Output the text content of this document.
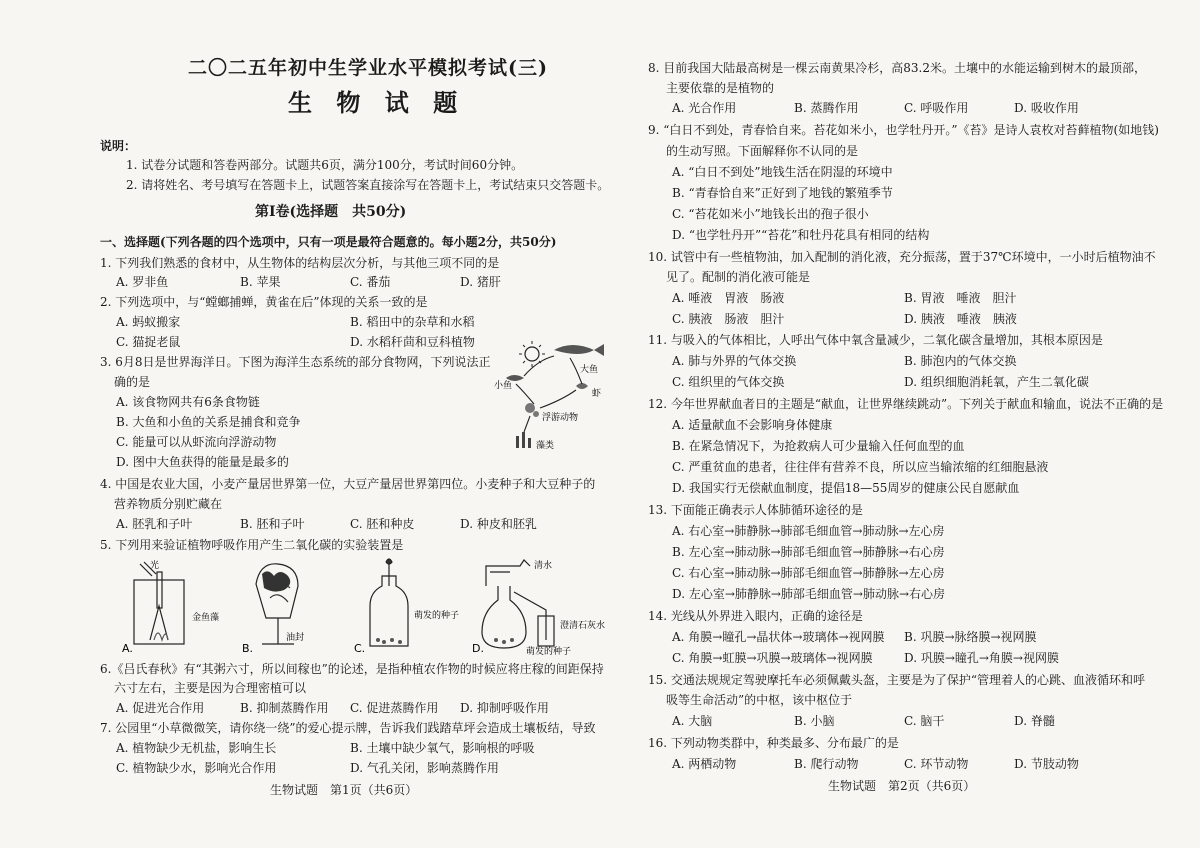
二〇二五年初中生学业水平模拟考试(三)
生 物 试 题
说明：
1. 试卷分试题和答卷两部分。试题共6页，满分100分，考试时间60分钟。
2. 请将姓名、考号填写在答题卡上，试题答案直接涂写在答题卡上，考试结束只交答题卡。
第Ⅰ卷(选择题　共50分)
一、选择题(下列各题的四个选项中，只有一项是最符合题意的。每小题2分，共50分)
1. 下列我们熟悉的食材中，从生物体的结构层次分析，与其他三项不同的是
A. 罗非鱼	B. 苹果	C. 番茄	D. 猪肝
2. 下列选项中，与“螳螂捕蝉，黄雀在后”体现的关系一致的是
A. 蚂蚁搬家	B. 稻田中的杂草和水稻
C. 猫捉老鼠	D. 水稻秆茴和豆科植物
3. 6月8日是世界海洋日。下图为海洋生态系统的部分食物网，下列说法正
确的是
A. 该食物网共有6条食物链
B. 大鱼和小鱼的关系是捕食和竞争
C. 能量可以从虾流向浮游动物
D. 图中大鱼获得的能量是最多的
小鱼
大鱼
虾
浮游动物
藻类
4. 中国是农业大国，小麦产量居世界第一位，大豆产量居世界第四位。小麦种子和大豆种子的
营养物质分别贮藏在
A. 胚乳和子叶	B. 胚和子叶	C. 胚和种皮	D. 种皮和胚乳
5. 下列用来验证植物呼吸作用产生二氧化碳的实验装置是
光
金鱼藻
A.
油封
B.
萌发的种子
C.
清水
澄清石灰水
萌发的种子
D.
6.《吕氏春秋》有“其粥六寸，所以间稼也”的论述，是指种植农作物的时候应将庄稼的间距保持
六寸左右，主要是因为合理密植可以
A. 促进光合作用	B. 抑制蒸腾作用 C. 促进蒸腾作用 D. 抑制呼吸作用
7. 公园里“小草微微笑，请你绕一绕”的爱心提示牌，告诉我们践踏草坪会造成土壤板结，导致
A. 植物缺少无机盐，影响生长	B. 土壤中缺少氧气，影响根的呼吸
C. 植物缺少水，影响光合作用	D. 气孔关闭，影响蒸腾作用
生物试题　第1页（共6页）
8. 目前我国大陆最高树是一棵云南黄果冷杉，高83.2米。土壤中的水能运输到树木的最顶部，
主要依靠的是植物的
A. 光合作用	B. 蒸腾作用	C. 呼吸作用	D. 吸收作用
9. “白日不到处，青春恰自来。苔花如米小，也学牡丹开。”《苔》是诗人袁枚对苔藓植物(如地钱)
的生动写照。下面解释你不认同的是
A. “白日不到处”地钱生活在阴湿的环境中
B. “青春恰自来”正好到了地钱的繁殖季节
C. “苔花如米小”地钱长出的孢子很小
D. “也学牡丹开”“苔花”和牡丹花具有相同的结构
10. 试管中有一些植物油，加入配制的消化液，充分振荡，置于37℃环境中，一小时后植物油不
见了。配制的消化液可能是
A. 唾液　胃液　肠液	B. 胃液　唾液　胆汁
C. 胰液　肠液　胆汁	D. 胰液　唾液　胰液
11. 与吸入的气体相比，人呼出气体中氧含量减少，二氧化碳含量增加，其根本原因是
A. 肺与外界的气体交换	B. 肺泡内的气体交换
C. 组织里的气体交换	D. 组织细胞消耗氧，产生二氧化碳
12. 今年世界献血者日的主题是“献血，让世界继续跳动”。下列关于献血和输血，说法不正确的是
A. 适量献血不会影响身体健康
B. 在紧急情况下，为抢救病人可少量输入任何血型的血
C. 严重贫血的患者，往往伴有营养不良，所以应当输浓缩的红细胞悬液
D. 我国实行无偿献血制度，提倡18—55周岁的健康公民自愿献血
13. 下面能正确表示人体肺循环途径的是
A. 右心室→肺静脉→肺部毛细血管→肺动脉→左心房
B. 左心室→肺动脉→肺部毛细血管→肺静脉→右心房
C. 右心室→肺动脉→肺部毛细血管→肺静脉→左心房
D. 左心室→肺静脉→肺部毛细血管→肺动脉→右心房
14. 光线从外界进入眼内，正确的途径是
A. 角膜→瞳孔→晶状体→玻璃体→视网膜 B. 巩膜→脉络膜→视网膜
C. 角膜→虹膜→巩膜→玻璃体→视网膜	D. 巩膜→瞳孔→角膜→视网膜
15. 交通法规规定驾驶摩托车必须佩戴头盔，主要是为了保护“管理着人的心跳、血液循环和呼
吸等生命活动”的中枢，该中枢位于
A. 大脑	B. 小脑	C. 脑干	D. 脊髓
16. 下列动物类群中，种类最多、分布最广的是
A. 两栖动物	B. 爬行动物	C. 环节动物	D. 节肢动物
生物试题　第2页（共6页）
